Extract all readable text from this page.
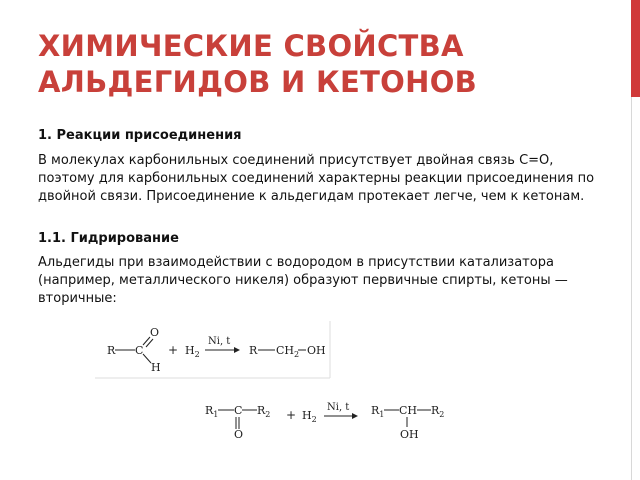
ХИМИЧЕСКИЕ СВОЙСТВА
АЛЬДЕГИДОВ И КЕТОНОВ

1. Реакции присоединения

В молекулах карбонильных соединений присутствует двойная связь С=О, поэтому для карбонильных соединений характерны реакции присоединения по двойной связи. Присоединение к альдегидам протекает легче, чем к кетонам.

1.1. Гидрирование

Альдегиды при взаимодействии с водородом в присутствии катализатора (например, металлического никеля) образуют первичные спирты, кетоны — вторичные:

R C
O
H
+ $H_2$
Ni, t
R $CH_2$ OH
$R_1$ C $R_2$
O
+ $H_2$
Ni, t $R_1$ CH $R_2$
OH
